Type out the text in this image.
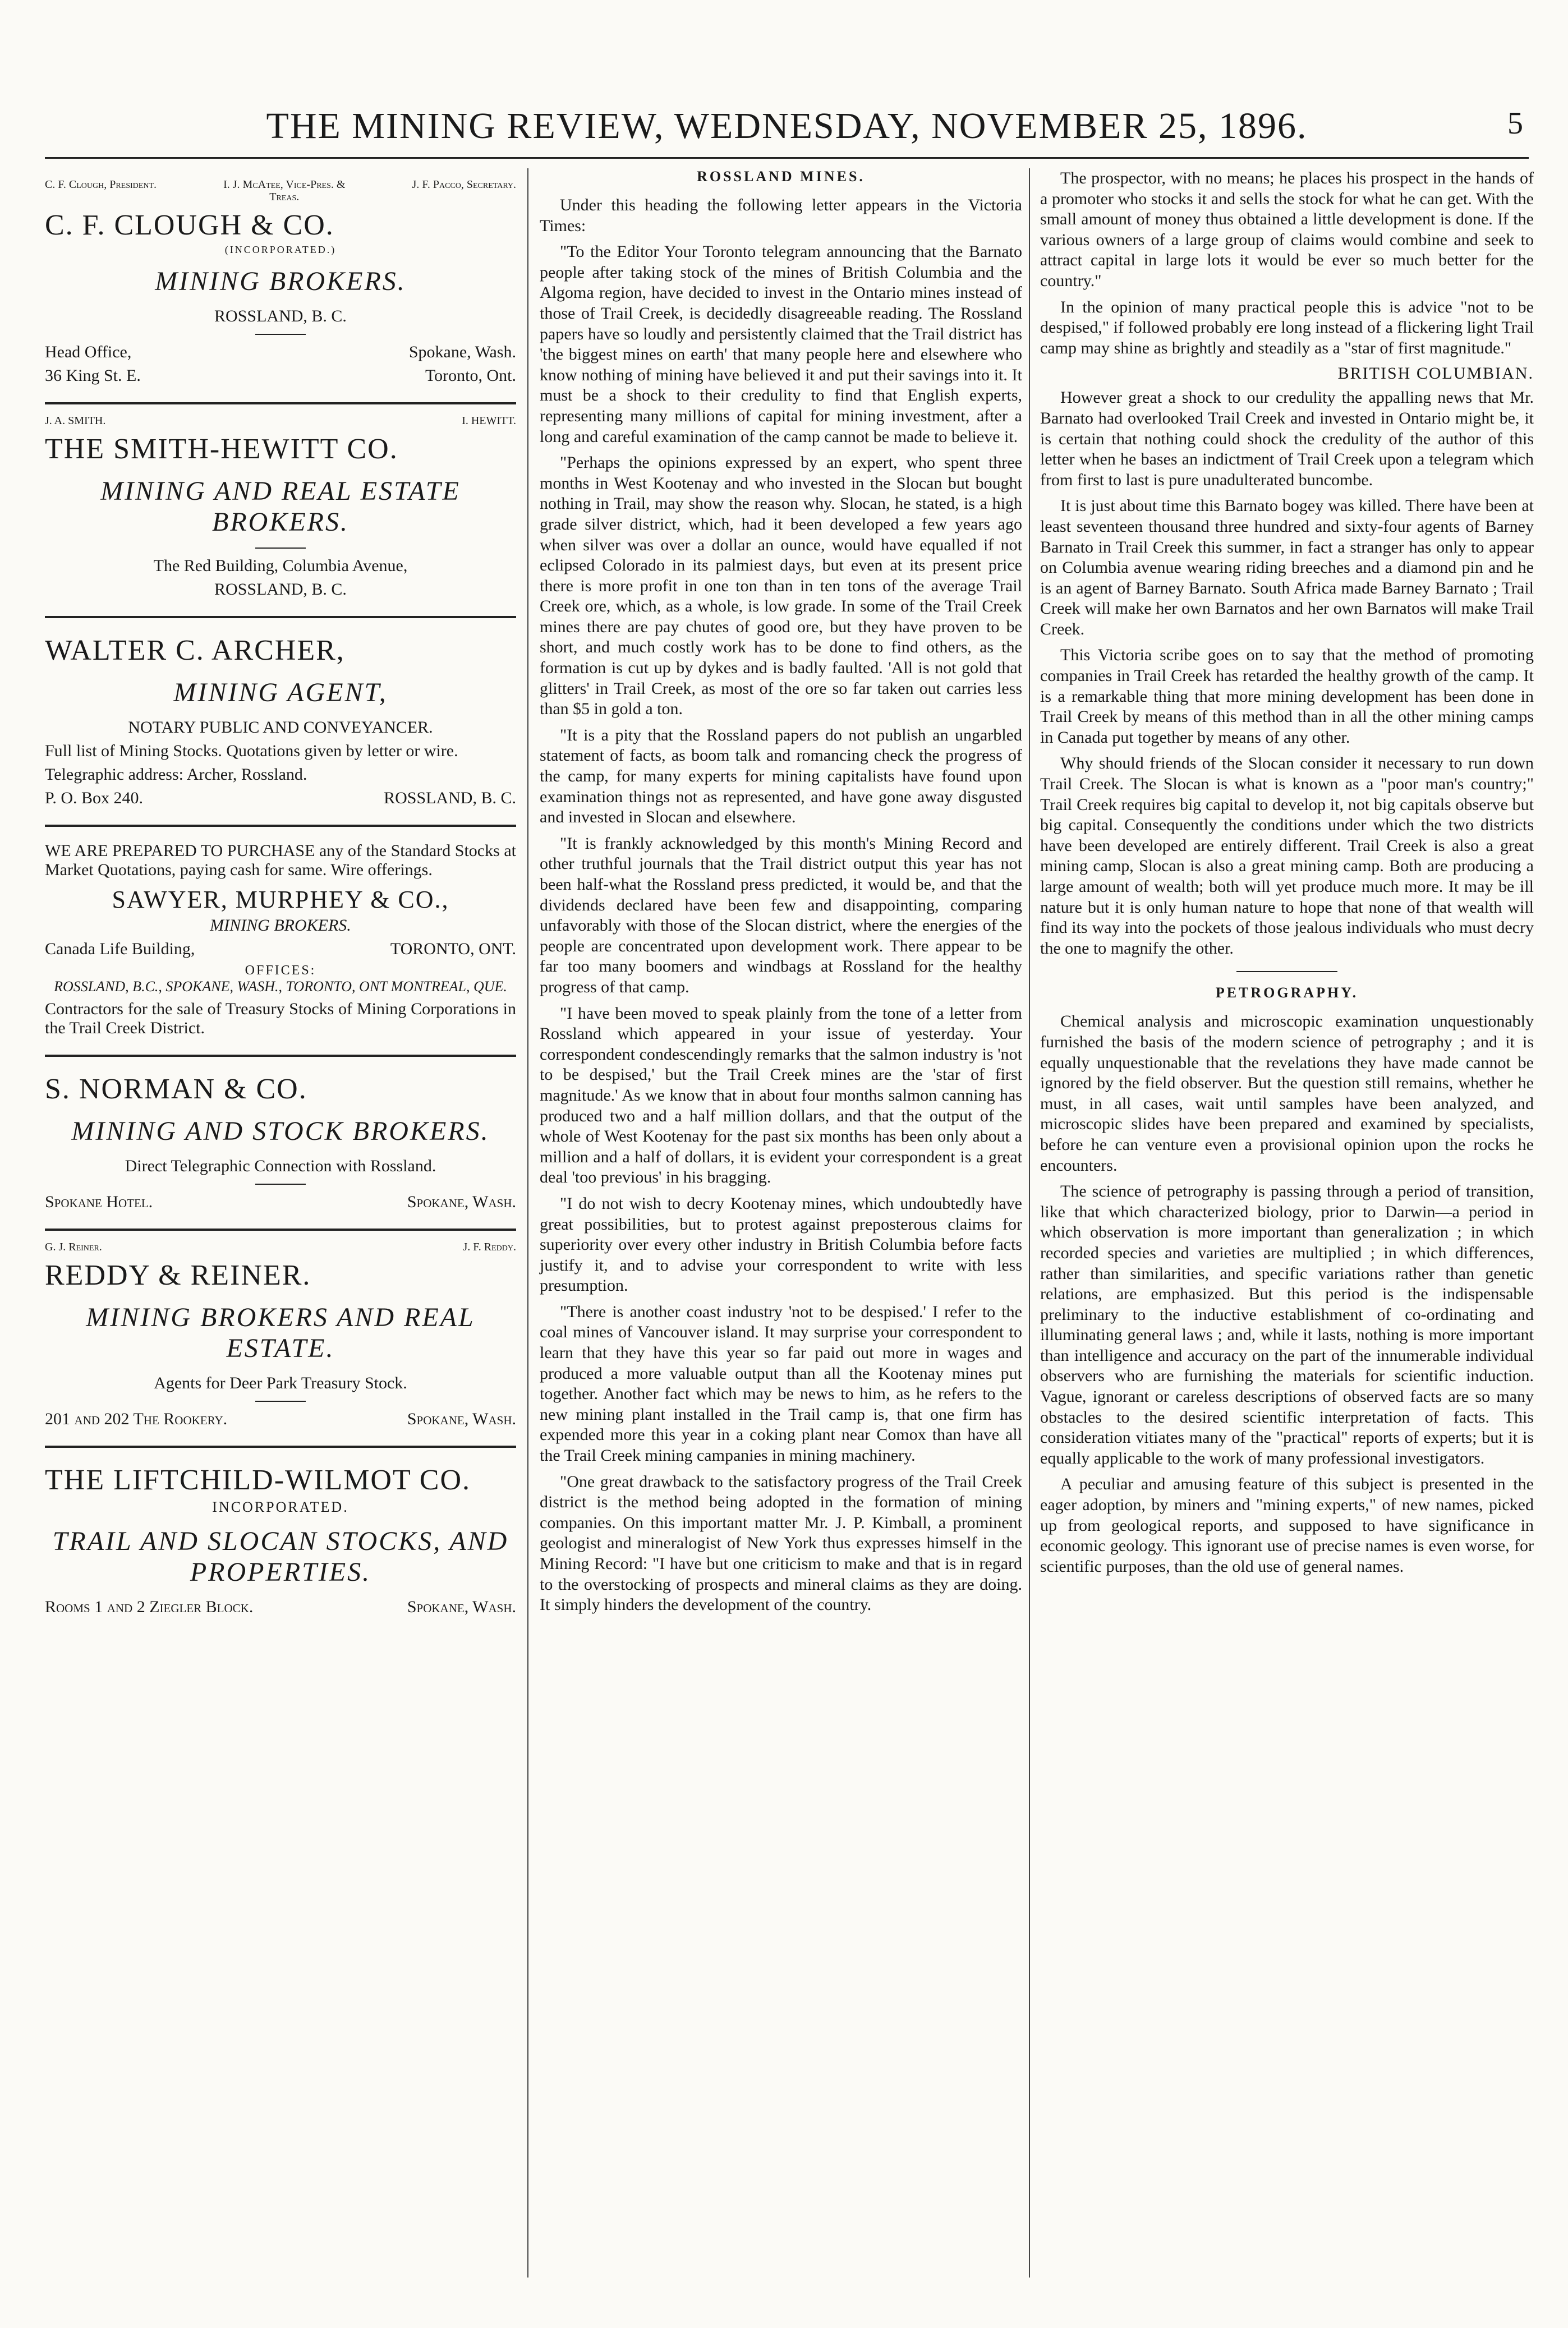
THE MINING REVIEW, WEDNESDAY, NOVEMBER 25, 1896.	5
C. F. Clough, President.	I. J. McAtee, Vice-Pres. & Treas.
J. F. Pacco, Secretary.
C. F. CLOUGH & CO.
(INCORPORATED.)
MINING BROKERS.
ROSSLAND, B. C.
Head Office,	Spokane, Wash.
36 King St. E.	Toronto, Ont.
J. A. SMITH.	I. HEWITT.
THE SMITH-HEWITT CO.
MINING AND REAL ESTATE BROKERS.
The Red Building, Columbia Avenue,
ROSSLAND, B. C.
WALTER C. ARCHER,
MINING AGENT,
NOTARY PUBLIC AND CONVEYANCER.

Full list of Mining Stocks. Quotations given by letter or wire.

Telegraphic address: Archer, Rossland.

P. O. Box 240.	ROSSLAND, B. C.

WE ARE PREPARED TO PURCHASE any of the Standard Stocks at Market Quotations, paying cash for same. Wire offerings.

SAWYER, MURPHEY & CO.,
MINING BROKERS.
Canada Life Building,	TORONTO, ONT.
OFFICES:
ROSSLAND, B.C., SPOKANE, WASH., TORONTO, ONT MONTREAL, QUE.

Contractors for the sale of Treasury Stocks of Mining Corporations in the Trail Creek District.

S. NORMAN & CO.
MINING AND STOCK BROKERS.
Direct Telegraphic Connection with Rossland.
Spokane Hotel.	Spokane, Wash.
G. J. Reiner.	J. F. Reddy.
REDDY & REINER.
MINING BROKERS AND REAL ESTATE.
Agents for Deer Park Treasury Stock.
201 and 202 The Rookery.	Spokane, Wash.
THE LIFTCHILD-WILMOT CO.
INCORPORATED.
TRAIL AND SLOCAN STOCKS, AND PROPERTIES.
Rooms 1 and 2 Ziegler Block.	Spokane, Wash.
ROSSLAND MINES.

Under this heading the following letter appears in the Victoria Times:

"To the Editor Your Toronto telegram announcing that the Barnato people after taking stock of the mines of British Columbia and the Algoma region, have decided to invest in the Ontario mines instead of those of Trail Creek, is decidedly disagreeable reading. The Rossland papers have so loudly and persistently claimed that the Trail district has 'the biggest mines on earth' that many people here and elsewhere who know nothing of mining have believed it and put their savings into it. It must be a shock to their credulity to find that English experts, representing many millions of capital for mining investment, after a long and careful examination of the camp cannot be made to believe it.

"Perhaps the opinions expressed by an expert, who spent three months in West Kootenay and who invested in the Slocan but bought nothing in Trail, may show the reason why. Slocan, he stated, is a high grade silver district, which, had it been developed a few years ago when silver was over a dollar an ounce, would have equalled if not eclipsed Colorado in its palmiest days, but even at its present price there is more profit in one ton than in ten tons of the average Trail Creek ore, which, as a whole, is low grade. In some of the Trail Creek mines there are pay chutes of good ore, but they have proven to be short, and much costly work has to be done to find others, as the formation is cut up by dykes and is badly faulted. 'All is not gold that glitters' in Trail Creek, as most of the ore so far taken out carries less than $5 in gold a ton.

"It is a pity that the Rossland papers do not publish an ungarbled statement of facts, as boom talk and romancing check the progress of the camp, for many experts for mining capitalists have found upon examination things not as represented, and have gone away disgusted and invested in Slocan and elsewhere.

"It is frankly acknowledged by this month's Mining Record and other truthful journals that the Trail district output this year has not been half-what the Rossland press predicted, it would be, and that the dividends declared have been few and disappointing, comparing unfavorably with those of the Slocan district, where the energies of the people are concentrated upon development work. There appear to be far too many boomers and windbags at Rossland for the healthy progress of that camp.

"I have been moved to speak plainly from the tone of a letter from Rossland which appeared in your issue of yesterday. Your correspondent condescendingly remarks that the salmon industry is 'not to be despised,' but the Trail Creek mines are the 'star of first magnitude.' As we know that in about four months salmon canning has produced two and a half million dollars, and that the output of the whole of West Kootenay for the past six months has been only about a million and a half of dollars, it is evident your correspondent is a great deal 'too previous' in his bragging.

"I do not wish to decry Kootenay mines, which undoubtedly have great possibilities, but to protest against preposterous claims for superiority over every other industry in British Columbia before facts justify it, and to advise your correspondent to write with less presumption.

"There is another coast industry 'not to be despised.' I refer to the coal mines of Vancouver island. It may surprise your correspondent to learn that they have this year so far paid out more in wages and produced a more valuable output than all the Kootenay mines put together. Another fact which may be news to him, as he refers to the new mining plant installed in the Trail camp is, that one firm has expended more this year in a coking plant near Comox than have all the Trail Creek mining campanies in mining machinery.

"One great drawback to the satisfactory progress of the Trail Creek district is the method being adopted in the formation of mining companies. On this important matter Mr. J. P. Kimball, a prominent geologist and mineralogist of New York thus expresses himself in the Mining Record: "I have but one criticism to make and that is in regard to the overstocking of prospects and mineral claims as they are doing. It simply hinders the development of the country.

The prospector, with no means; he places his prospect in the hands of a promoter who stocks it and sells the stock for what he can get. With the small amount of money thus obtained a little development is done. If the various owners of a large group of claims would combine and seek to attract capital in large lots it would be ever so much better for the country."

In the opinion of many practical people this is advice "not to be despised," if followed probably ere long instead of a flickering light Trail camp may shine as brightly and steadily as a "star of first magnitude."

BRITISH COLUMBIAN.

However great a shock to our credulity the appalling news that Mr. Barnato had overlooked Trail Creek and invested in Ontario might be, it is certain that nothing could shock the credulity of the author of this letter when he bases an indictment of Trail Creek upon a telegram which from first to last is pure unadulterated buncombe.

It is just about time this Barnato bogey was killed. There have been at least seventeen thousand three hundred and sixty-four agents of Barney Barnato in Trail Creek this summer, in fact a stranger has only to appear on Columbia avenue wearing riding breeches and a diamond pin and he is an agent of Barney Barnato. South Africa made Barney Barnato ; Trail Creek will make her own Barnatos and her own Barnatos will make Trail Creek.

This Victoria scribe goes on to say that the method of promoting companies in Trail Creek has retarded the healthy growth of the camp. It is a remarkable thing that more mining development has been done in Trail Creek by means of this method than in all the other mining camps in Canada put together by means of any other.

Why should friends of the Slocan consider it necessary to run down Trail Creek. The Slocan is what is known as a "poor man's country;" Trail Creek requires big capital to develop it, not big capitals observe but big capital. Consequently the conditions under which the two districts have been developed are entirely different. Trail Creek is also a great mining camp, Slocan is also a great mining camp. Both are producing a large amount of wealth; both will yet produce much more. It may be ill nature but it is only human nature to hope that none of that wealth will find its way into the pockets of those jealous individuals who must decry the one to magnify the other.

PETROGRAPHY.

Chemical analysis and microscopic examination unquestionably furnished the basis of the modern science of petrography ; and it is equally unquestionable that the revelations they have made cannot be ignored by the field observer. But the question still remains, whether he must, in all cases, wait until samples have been analyzed, and microscopic slides have been prepared and examined by specialists, before he can venture even a provisional opinion upon the rocks he encounters.

The science of petrography is passing through a period of transition, like that which characterized biology, prior to Darwin—a period in which observation is more important than generalization ; in which recorded species and varieties are multiplied ; in which differences, rather than similarities, and specific variations rather than genetic relations, are emphasized. But this period is the indispensable preliminary to the inductive establishment of co-ordinating and illuminating general laws ; and, while it lasts, nothing is more important than intelligence and accuracy on the part of the innumerable individual observers who are furnishing the materials for scientific induction. Vague, ignorant or careless descriptions of observed facts are so many obstacles to the desired scientific interpretation of facts. This consideration vitiates many of the "practical" reports of experts; but it is equally applicable to the work of many professional investigators.

A peculiar and amusing feature of this subject is presented in the eager adoption, by miners and "mining experts," of new names, picked up from geological reports, and supposed to have significance in economic geology. This ignorant use of precise names is even worse, for scientific purposes, than the old use of general names.
